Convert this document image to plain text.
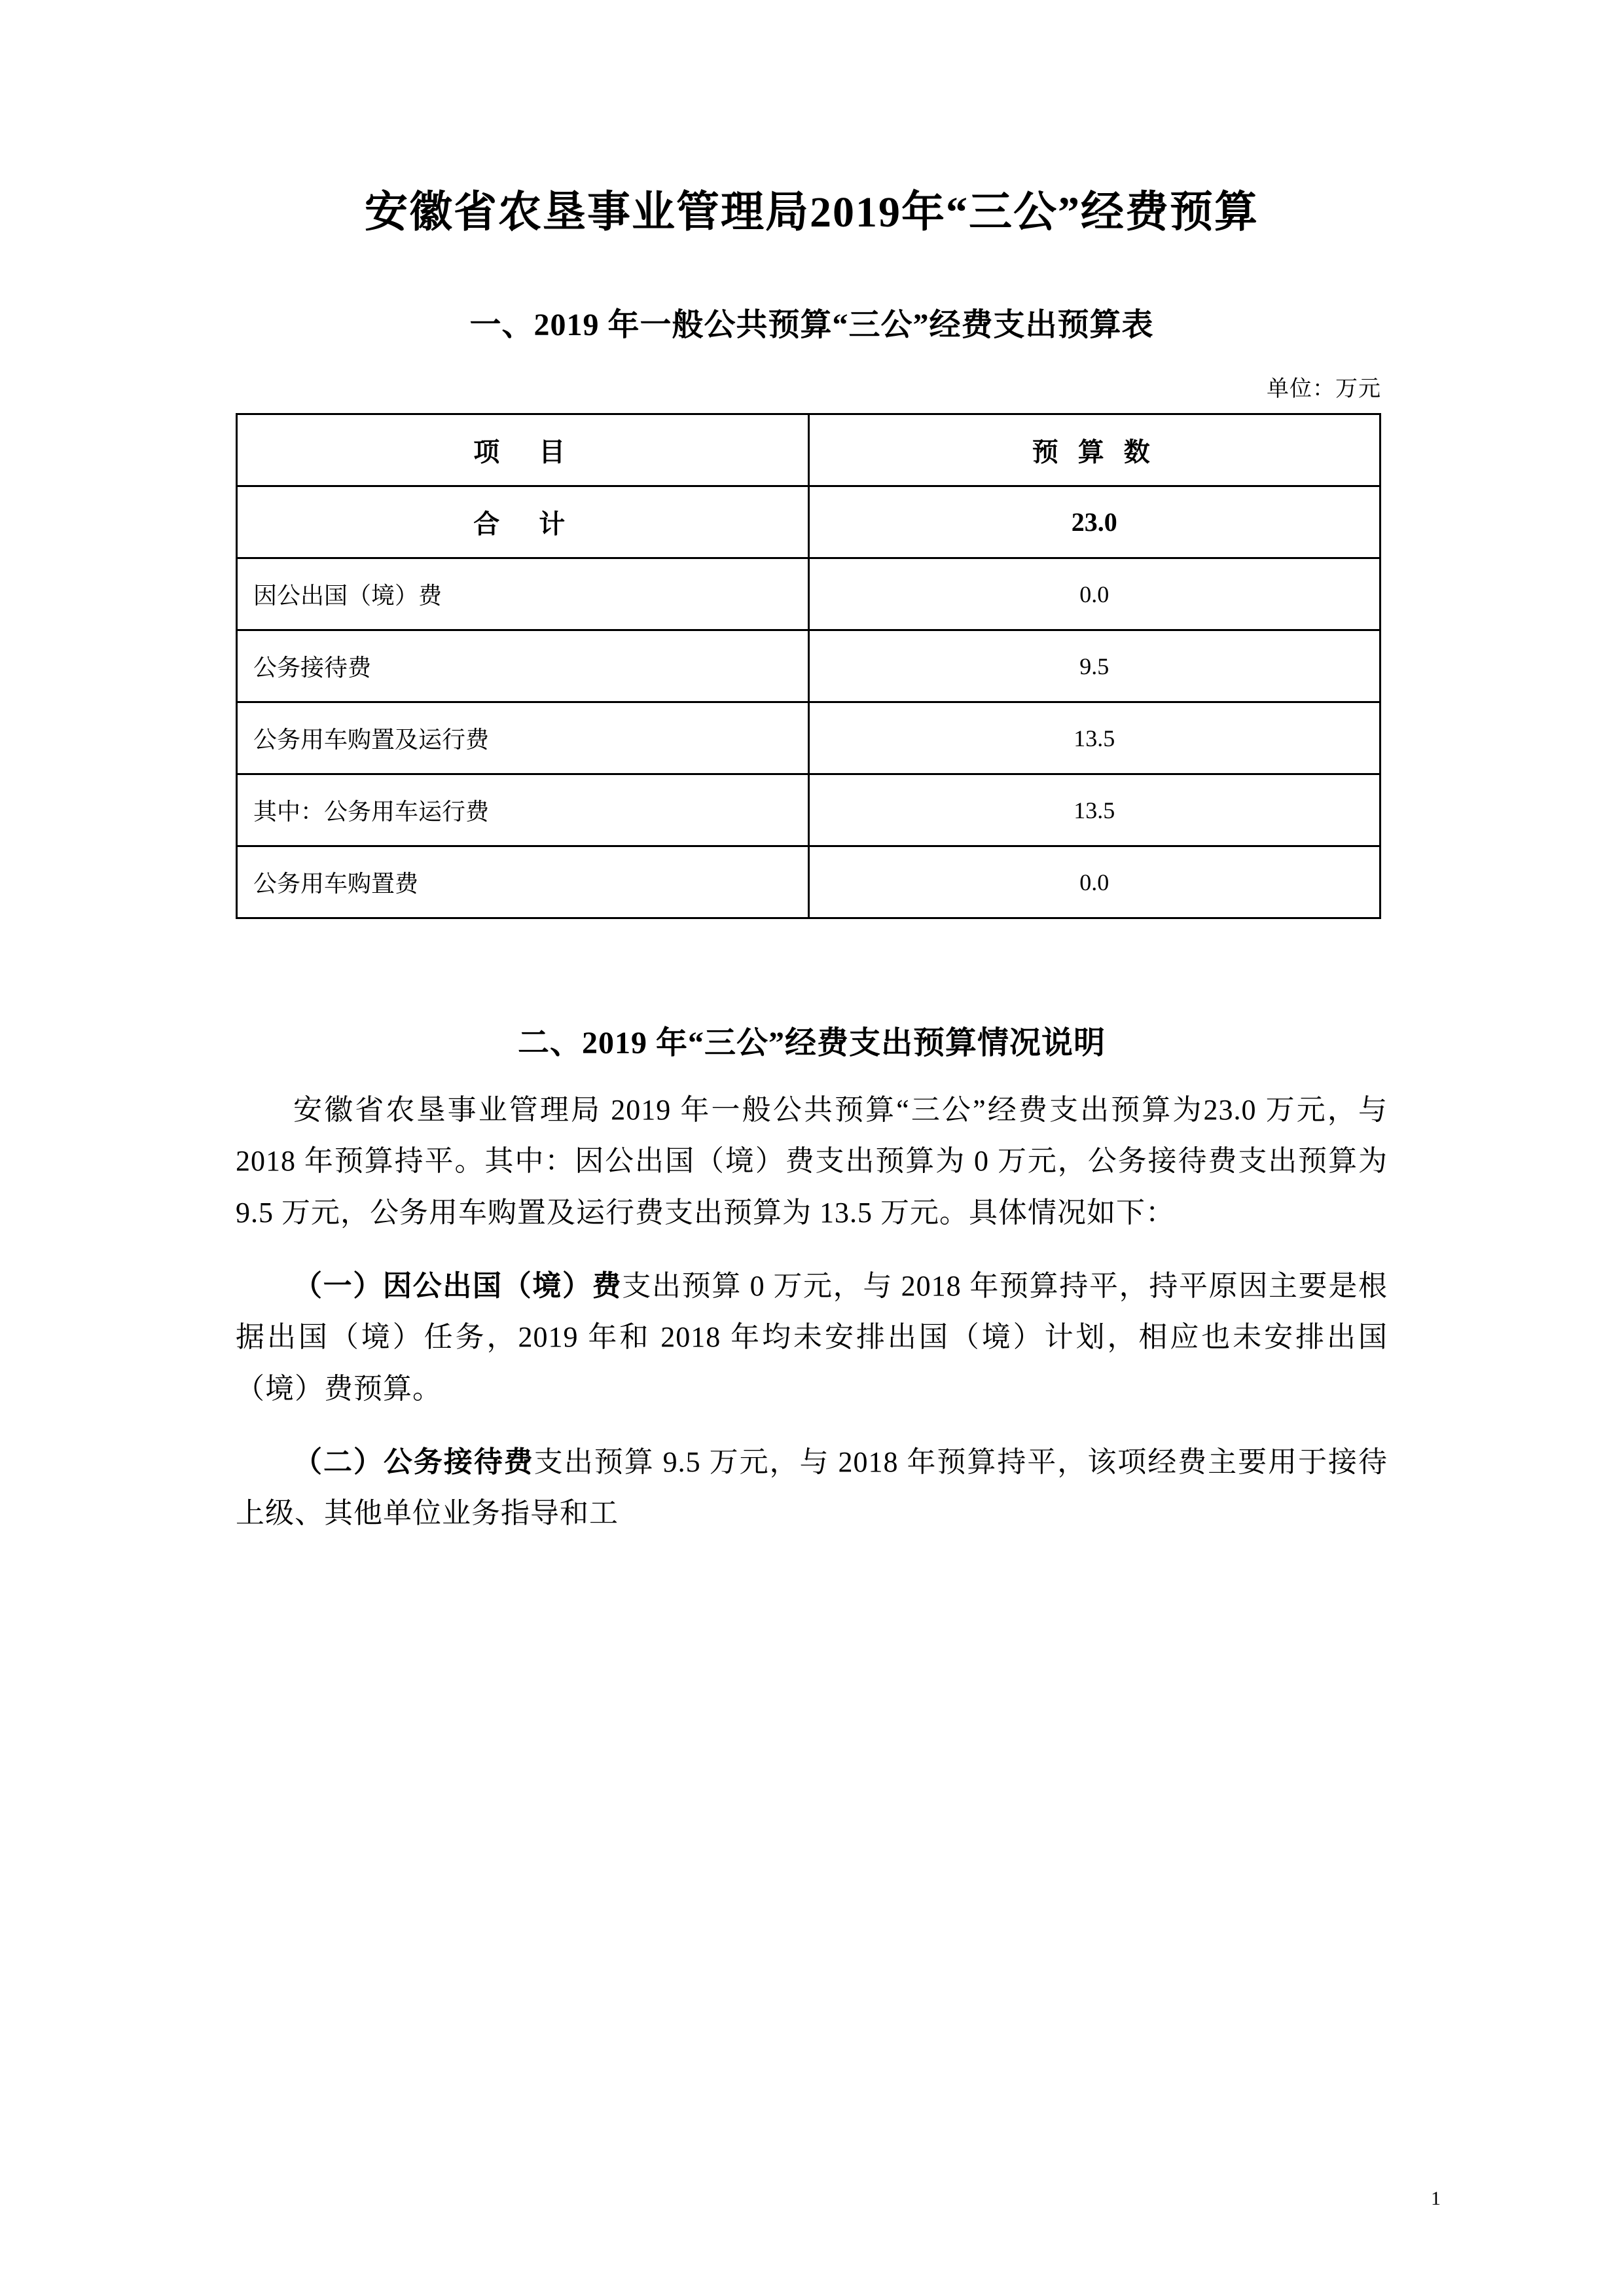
安徽省农垦事业管理局2019年“三公”经费预算
一、2019 年一般公共预算“三公”经费支出预算表
单位：万元
项　目	预 算 数
合　计	23.0
因公出国（境）费	0.0
公务接待费	9.5
公务用车购置及运行费	13.5
其中：公务用车运行费	13.5
公务用车购置费	0.0
二、2019 年“三公”经费支出预算情况说明

安徽省农垦事业管理局 2019 年一般公共预算“三公”经费支出预算为23.0 万元，与 2018 年预算持平。其中：因公出国（境）费支出预算为 0 万元，公务接待费支出预算为 9.5 万元，公务用车购置及运行费支出预算为 13.5 万元。具体情况如下：

（一）因公出国（境）费支出预算 0 万元，与 2018 年预算持平，持平原因主要是根据出国（境）任务，2019 年和 2018 年均未安排出国（境）计划，相应也未安排出国（境）费预算。

（二）公务接待费支出预算 9.5 万元，与 2018 年预算持平，该项经费主要用于接待上级、其他单位业务指导和工

1
